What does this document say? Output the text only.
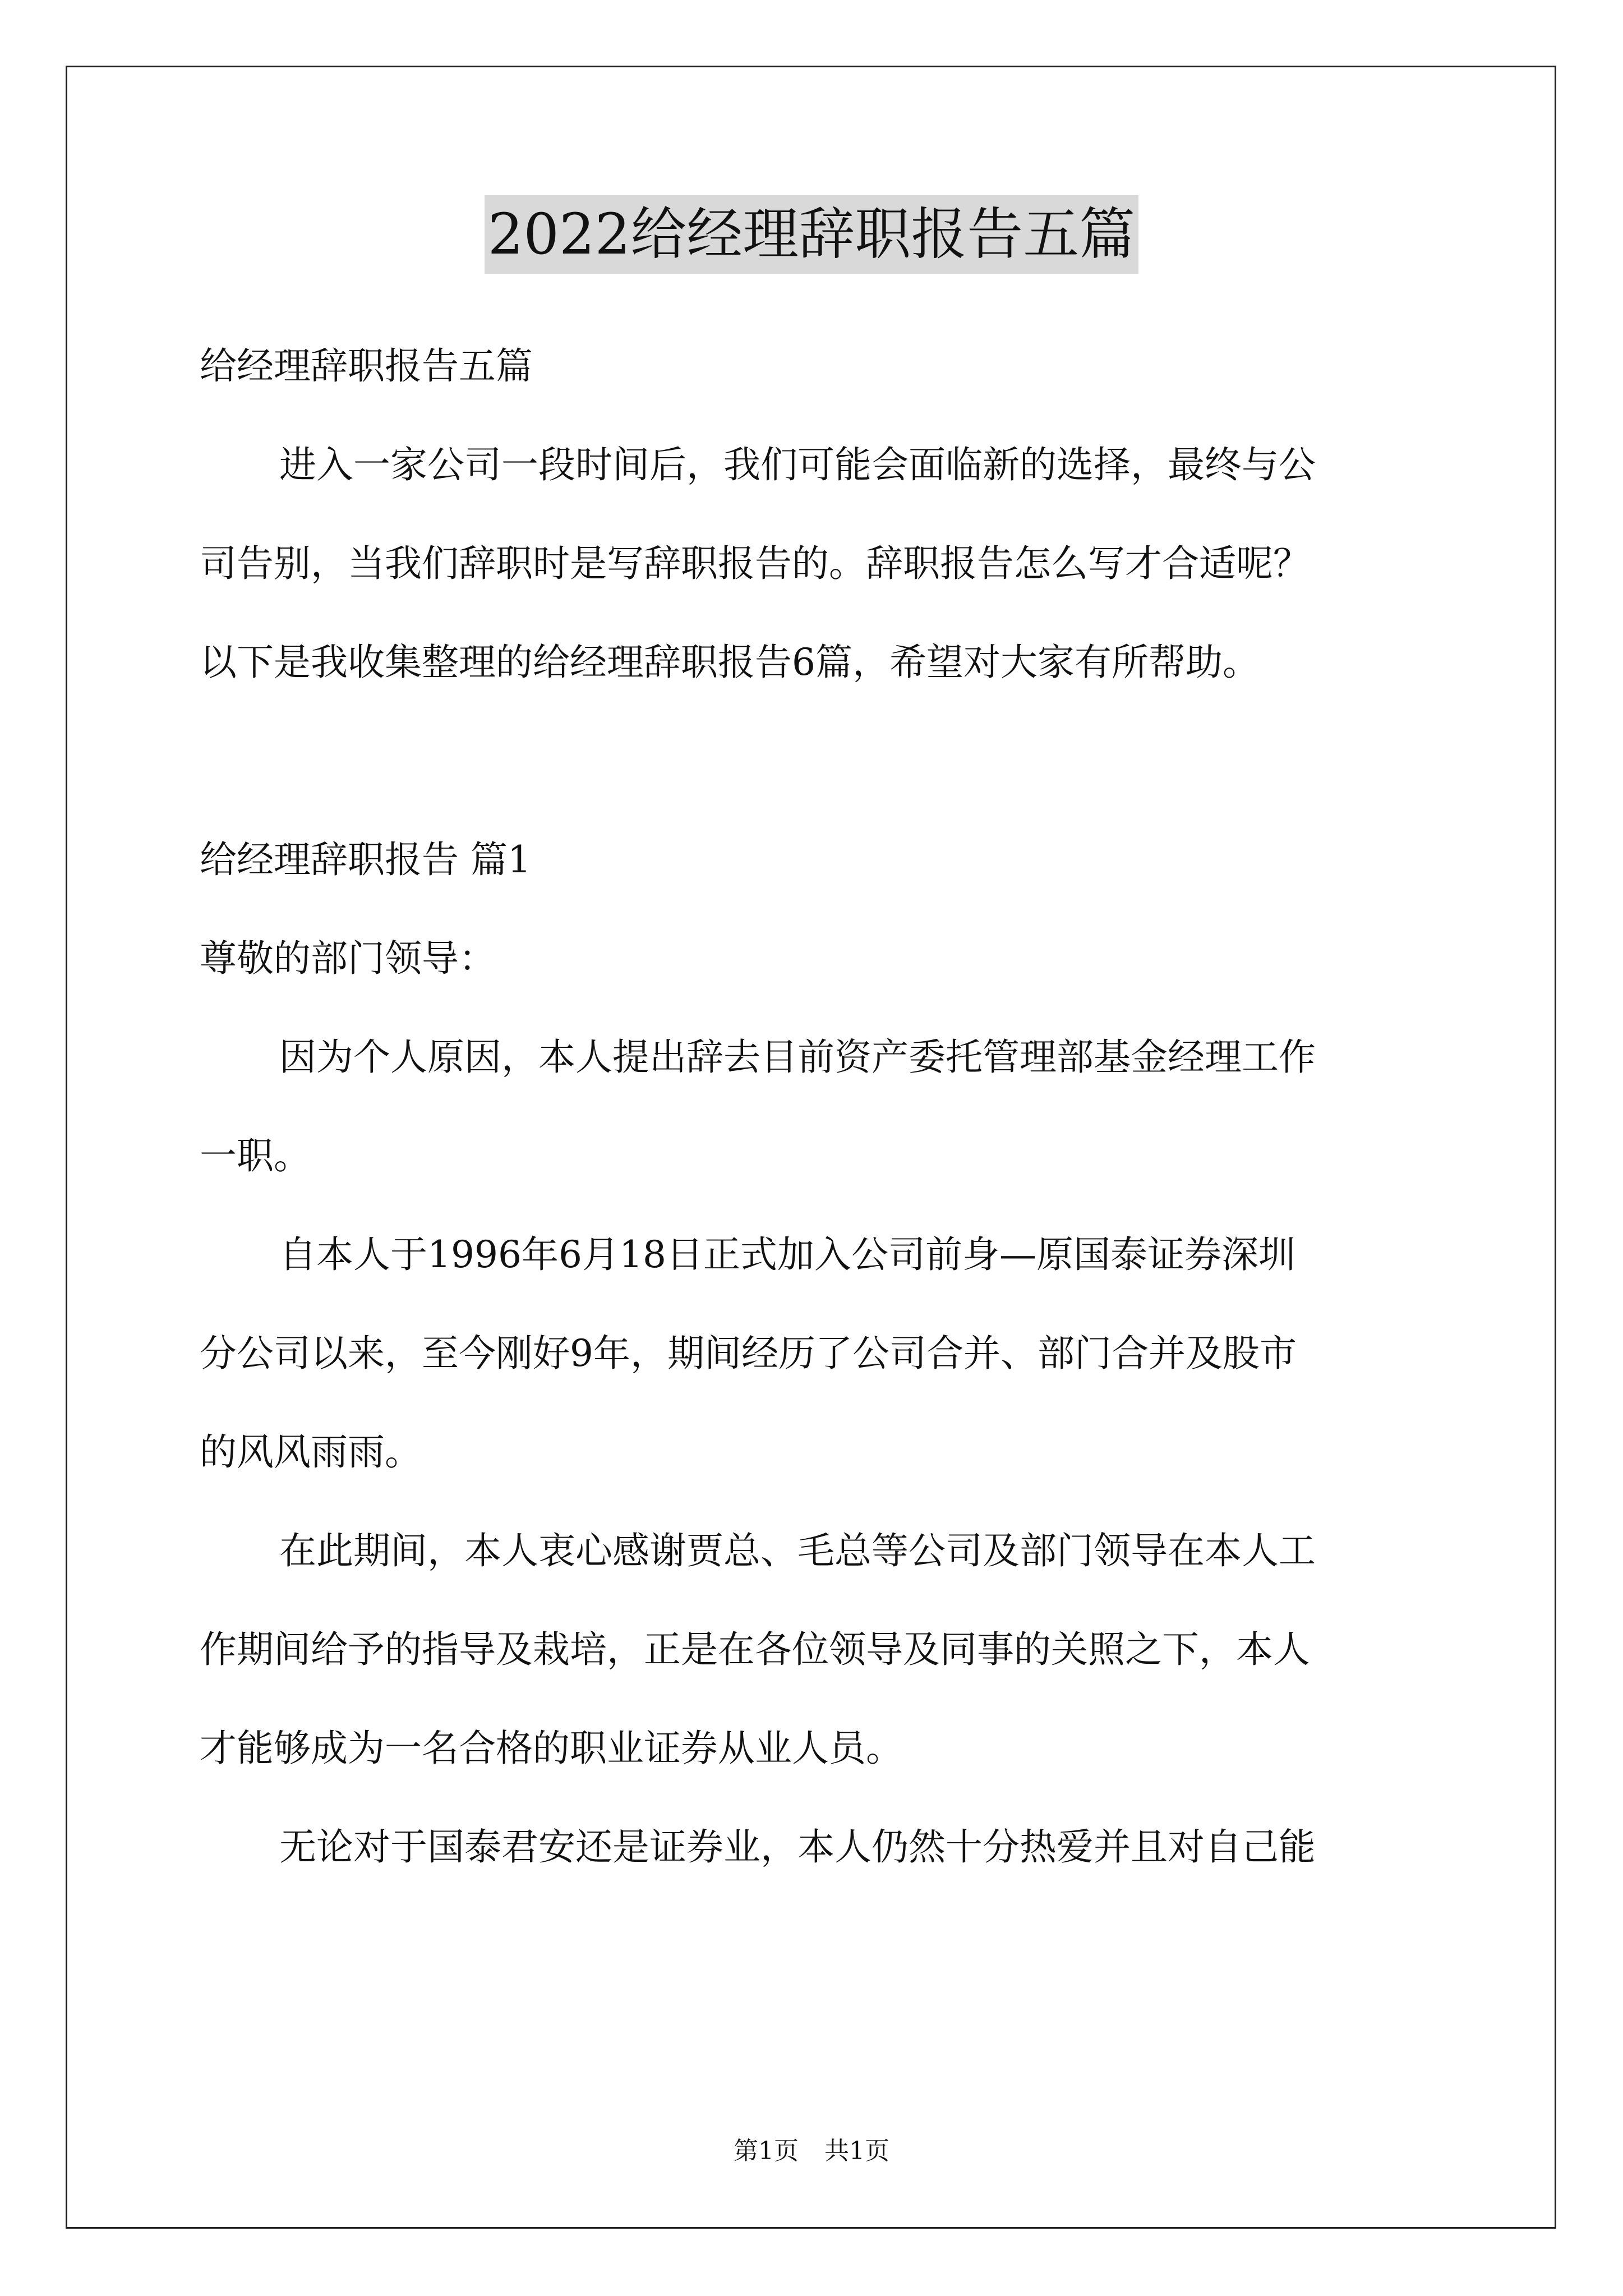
2022给经理辞职报告五篇
给经理辞职报告五篇
进入一家公司一段时间后，我们可能会面临新的选择，最终与公
司告别，当我们辞职时是写辞职报告的。辞职报告怎么写才合适呢？
以下是我收集整理的给经理辞职报告6篇，希望对大家有所帮助。
给经理辞职报告 篇1
尊敬的部门领导：
因为个人原因，本人提出辞去目前资产委托管理部基金经理工作
一职。
自本人于1996年6月18日正式加入公司前身—原国泰证券深圳
分公司以来，至今刚好9年，期间经历了公司合并、部门合并及股市
的风风雨雨。
在此期间，本人衷心感谢贾总、毛总等公司及部门领导在本人工
作期间给予的指导及栽培，正是在各位领导及同事的关照之下，本人
才能够成为一名合格的职业证券从业人员。
无论对于国泰君安还是证券业，本人仍然十分热爱并且对自己能
第1页 共1页
